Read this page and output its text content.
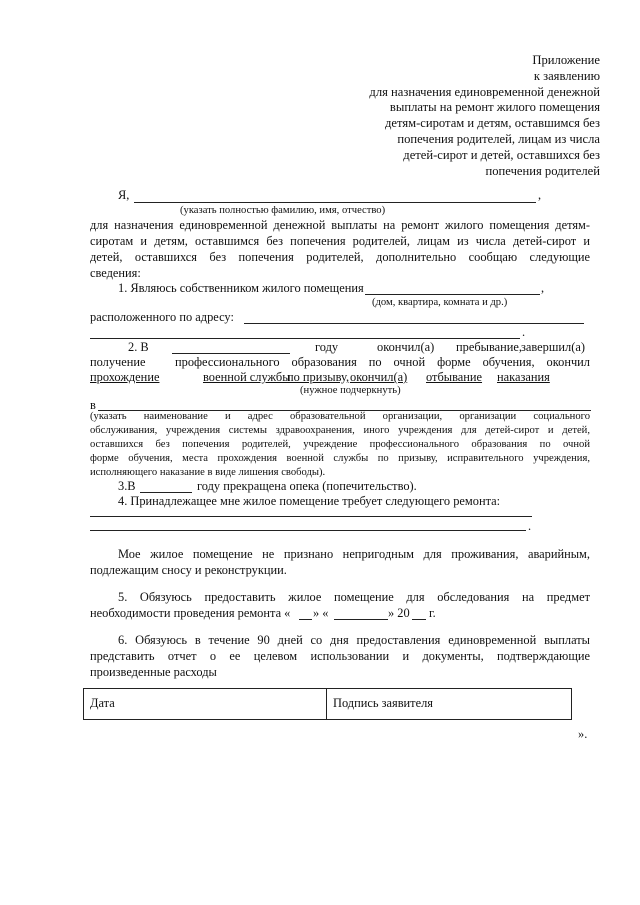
Приложение
к заявлению
для назначения единовременной денежной
выплаты на ремонт жилого помещения
детям-сиротам и детям, оставшимся без
попечения родителей, лицам из числа
детей-сирот и детей, оставшихся без
попечения родителей
Я,	,
(указать полностью фамилию, имя, отчество)
для назначения единовременной денежной выплаты на ремонт жилого помещения детям-
сиротам и детям, оставшимся без попечения родителей, лицам из числа детей-сирот и
детей, оставшихся без попечения родителей, дополнительно сообщаю следующие
сведения:
1. Являюсь собственником жилого помещения	,
(дом, квартира, комната и др.)
расположенного по адресу:
.
2. В	году	окончил(а) пребывание,
завершил(а)
получение профессионального образования по очной форме обучения, окончил
прохождение	военной службы
по призыву, окончил(а) отбывание наказания
(нужное подчеркнуть)
в
(указать наименование и адрес образовательной организации, организации социального
обслуживания, учреждения системы здравоохранения, иного учреждения для детей-сирот и детей,
оставшихся без попечения родителей, учреждение профессионального образования по очной
форме обучения, места прохождения военной службы по призыву, исправительного учреждения,
исполняющего наказание в виде лишения свободы).
3.В	году прекращена опека (попечительство).
4. Принадлежащее мне жилое помещение требует следующего ремонта:
.
Мое жилое помещение не признано непригодным для проживания, аварийным,
подлежащим сносу и реконструкции.
5. Обязуюсь предоставить жилое помещение для обследования на предмет
необходимости проведения ремонта « » «	» 20 г.
6. Обязуюсь в течение 90 дней со дня предоставления единовременной выплаты
представить отчет о ее целевом использовании и документы, подтверждающие
произведенные расходы
Дата	Подпись заявителя
».
